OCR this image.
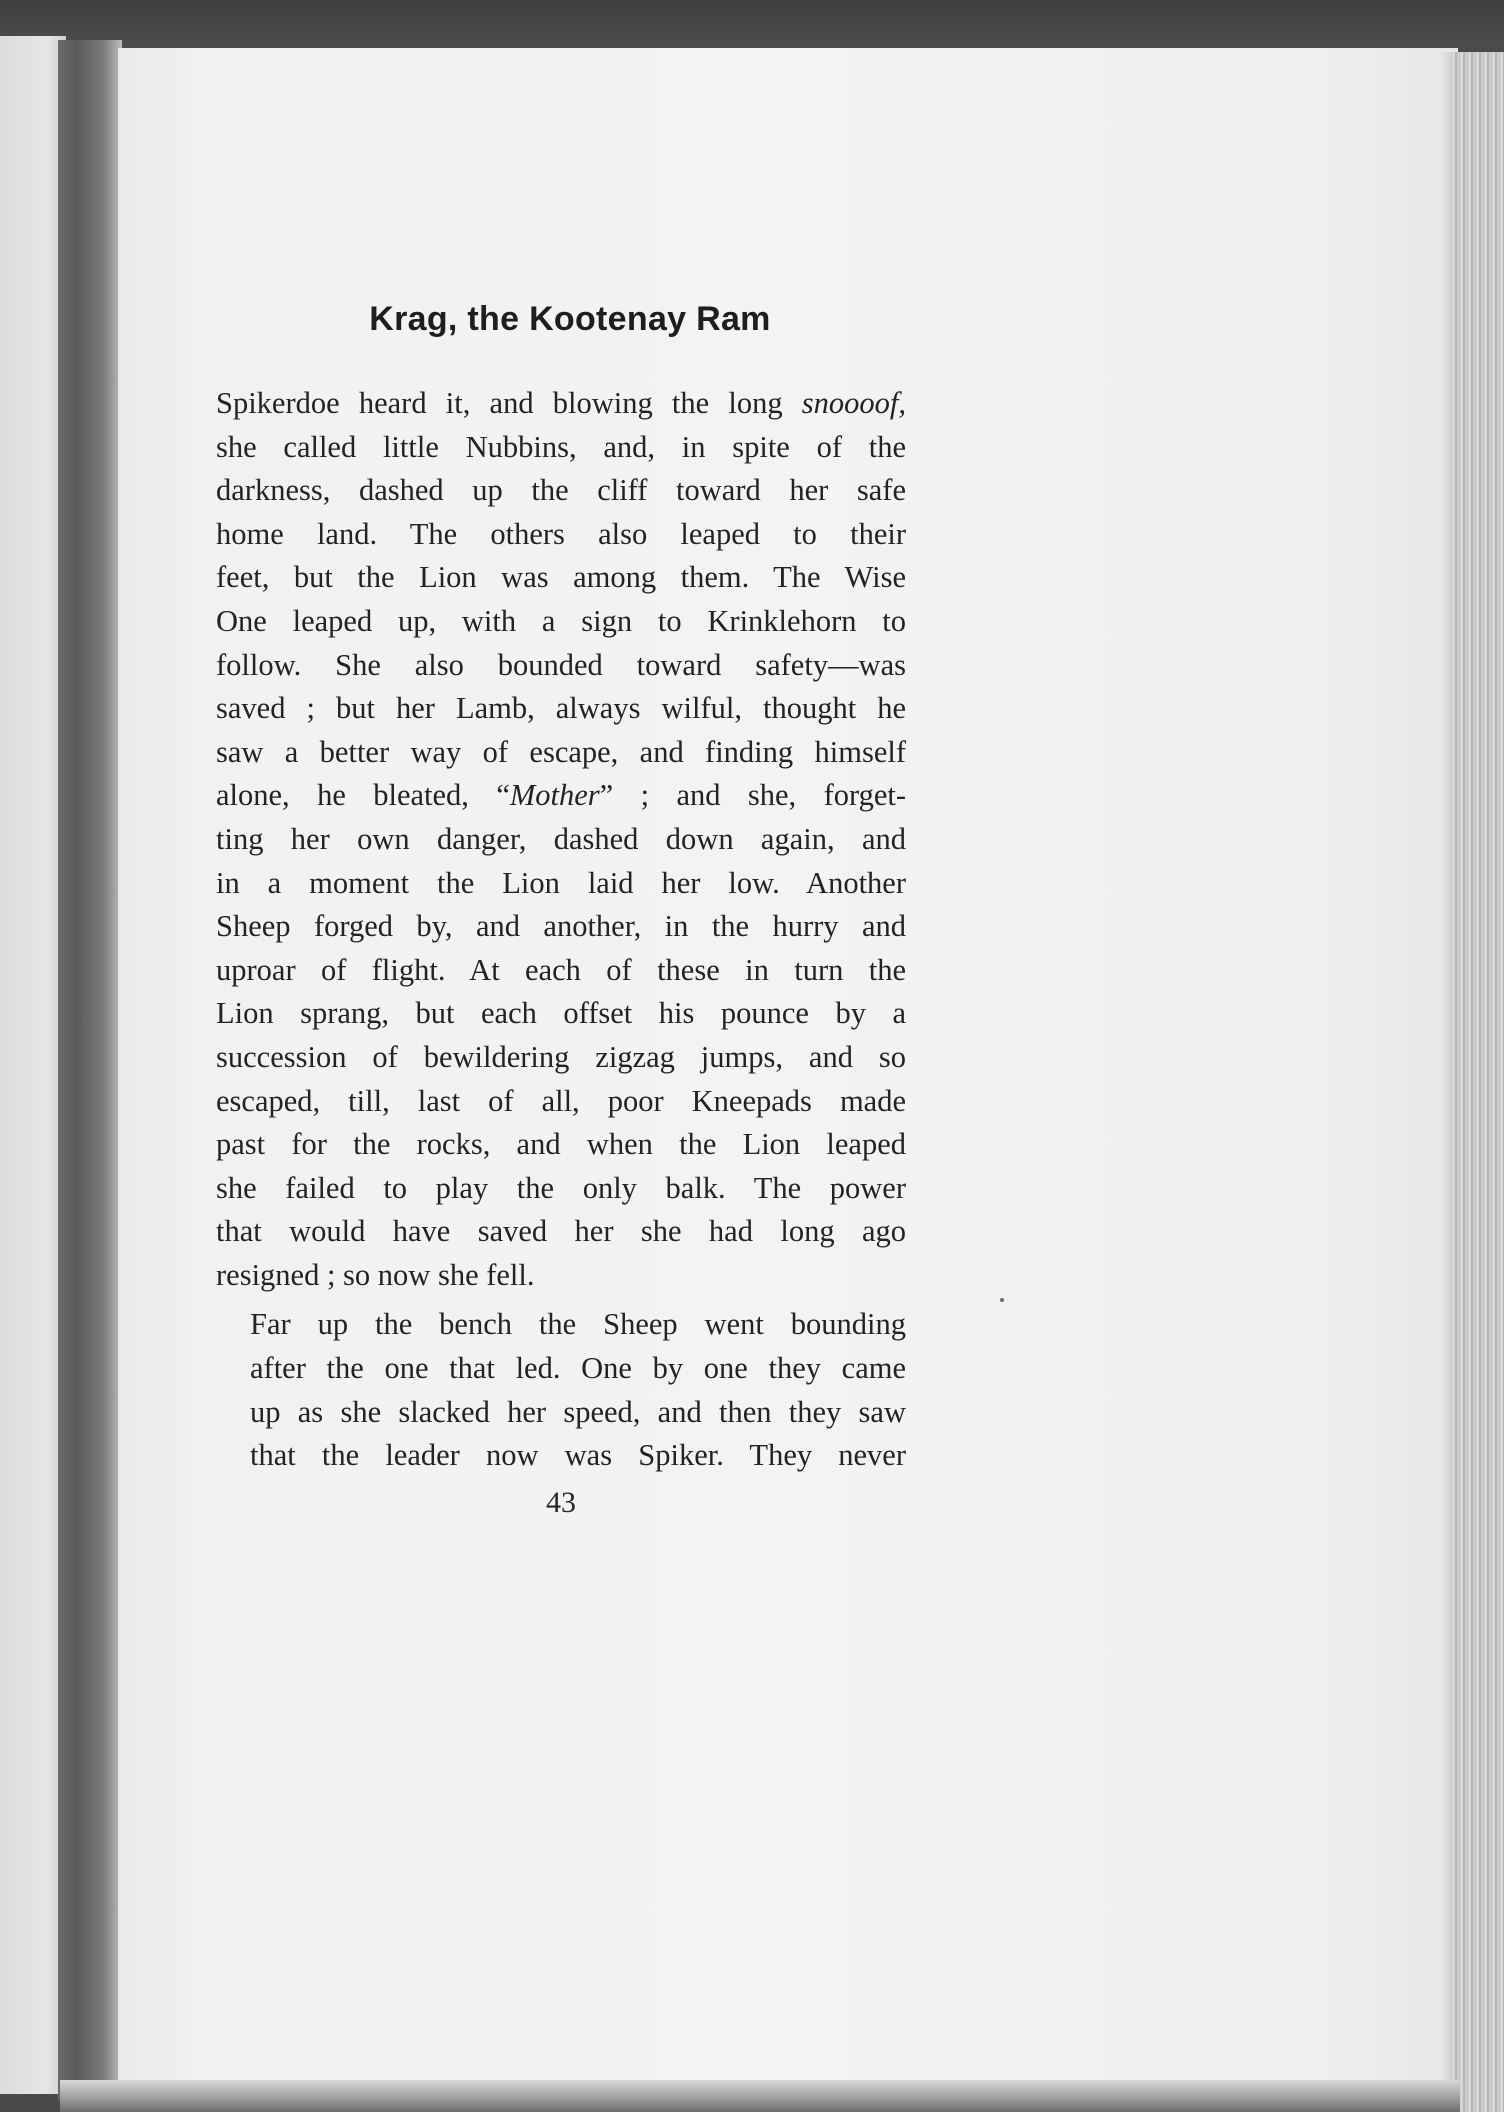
Krag, the Kootenay Ram

Spikerdoe heard it, and blowing the long snoooof,
she called little Nubbins, and, in spite of the
darkness, dashed up the cliff toward her safe
home land. The others also leaped to their
feet, but the Lion was among them. The Wise
One leaped up, with a sign to Krinklehorn to
follow. She also bounded toward safety—was
saved ; but her Lamb, always wilful, thought he
saw a better way of escape, and finding himself
alone, he bleated, “Mother” ; and she, forget-
ting her own danger, dashed down again, and
in a moment the Lion laid her low. Another
Sheep forged by, and another, in the hurry and
uproar of flight. At each of these in turn the
Lion sprang, but each offset his pounce by a
succession of bewildering zigzag jumps, and so
escaped, till, last of all, poor Kneepads made
past for the rocks, and when the Lion leaped
she failed to play the only balk. The power
that would have saved her she had long ago
resigned ; so now she fell.

Far up the bench the Sheep went bounding
after the one that led. One by one they came
up as she slacked her speed, and then they saw
that the leader now was Spiker. They never

43
